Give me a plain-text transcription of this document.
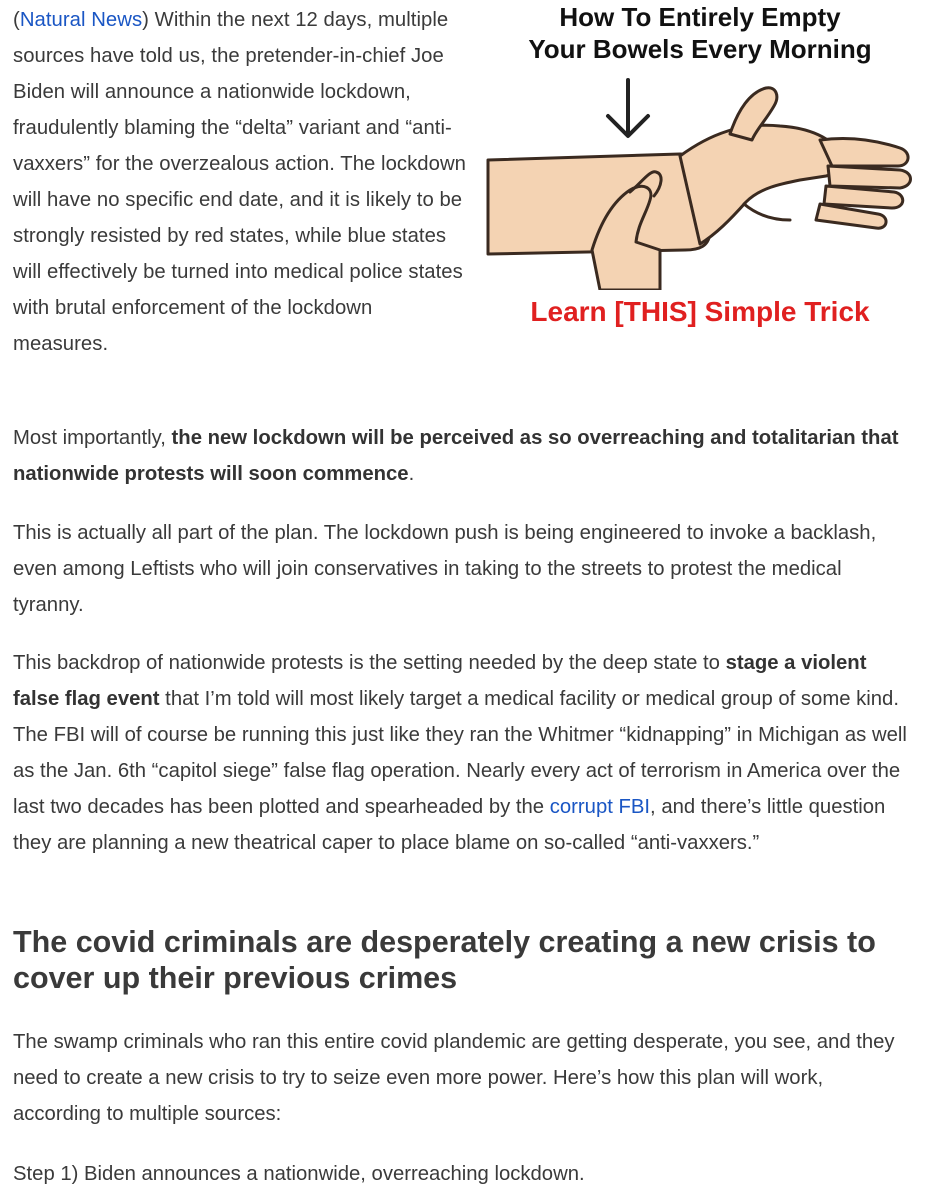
(Natural News) Within the next 12 days, multiple sources have told us, the pretender-in-chief Joe Biden will announce a nationwide lockdown, fraudulently blaming the “delta” variant and “anti-vaxxers” for the overzealous action. The lockdown will have no specific end date, and it is likely to be strongly resisted by red states, while blue states will effectively be turned into medical police states with brutal enforcement of the lockdown measures.

How To Entirely Empty
Your Bowels Every Morning
Learn [THIS] Simple Trick

Most importantly, the new lockdown will be perceived as so overreaching and totalitarian that nationwide protests will soon commence.

This is actually all part of the plan. The lockdown push is being engineered to invoke a backlash, even among Leftists who will join conservatives in taking to the streets to protest the medical tyranny.

This backdrop of nationwide protests is the setting needed by the deep state to stage a violent false flag event that I’m told will most likely target a medical facility or medical group of some kind. The FBI will of course be running this just like they ran the Whitmer “kidnapping” in Michigan as well as the Jan. 6th “capitol siege” false flag operation. Nearly every act of terrorism in America over the last two decades has been plotted and spearheaded by the corrupt FBI, and there’s little question they are planning a new theatrical caper to place blame on so-called “anti-vaxxers.”

The covid criminals are desperately creating a new crisis to cover up their previous crimes

The swamp criminals who ran this entire covid plandemic are getting desperate, you see, and they need to create a new crisis to try to seize even more power. Here’s how this plan will work, according to multiple sources:

Step 1) Biden announces a nationwide, overreaching lockdown.
